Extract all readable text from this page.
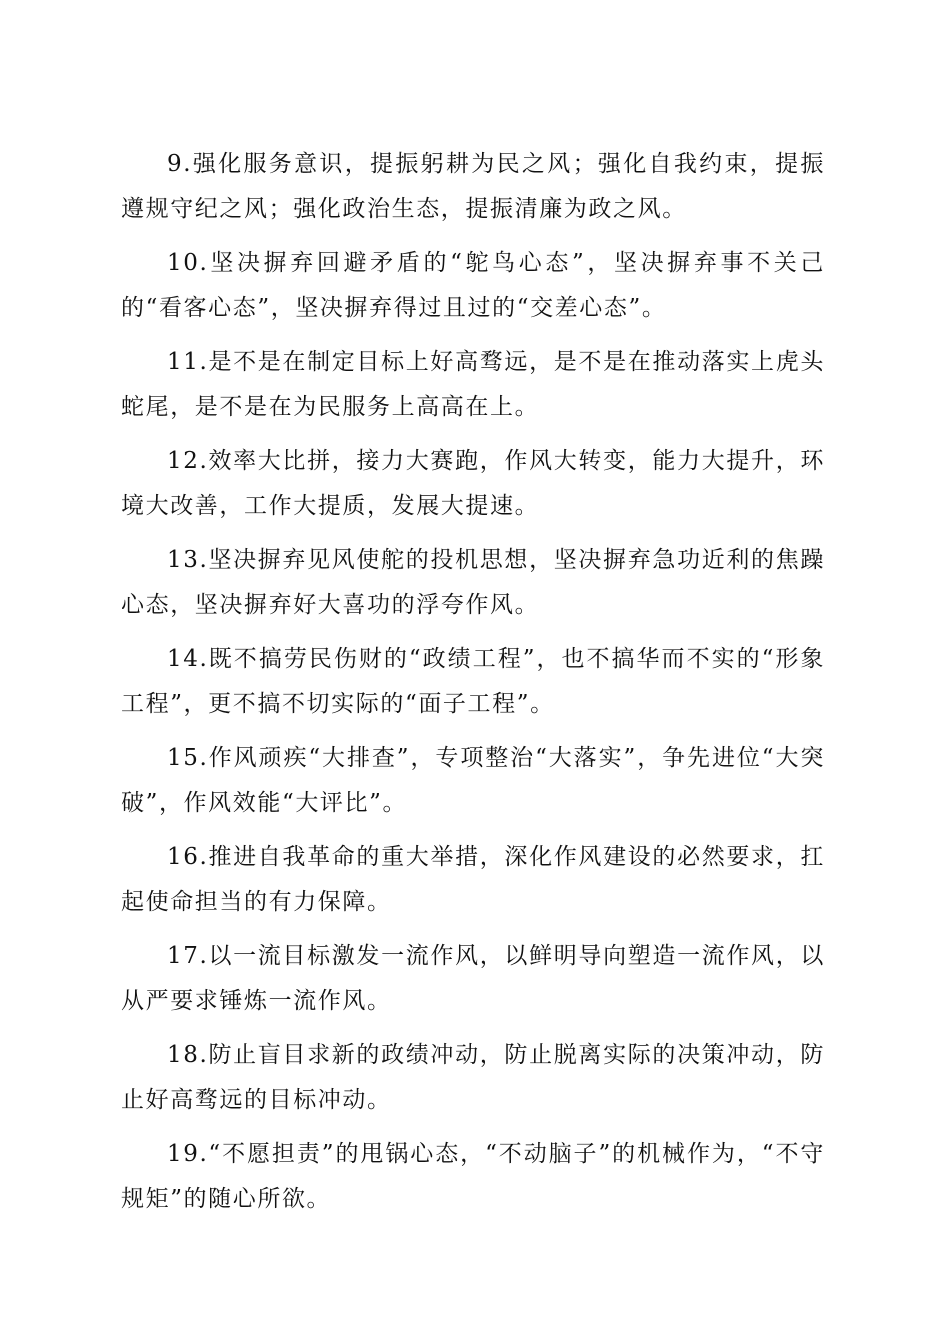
9.强化服务意识，提振躬耕为民之风；强化自我约束，提振遵规守纪之风；强化政治生态，提振清廉为政之风。

10.坚决摒弃回避矛盾的“鸵鸟心态”，坚决摒弃事不关己的“看客心态”，坚决摒弃得过且过的“交差心态”。

11.是不是在制定目标上好高骛远，是不是在推动落实上虎头蛇尾，是不是在为民服务上高高在上。

12.效率大比拼，接力大赛跑，作风大转变，能力大提升，环境大改善，工作大提质，发展大提速。

13.坚决摒弃见风使舵的投机思想，坚决摒弃急功近利的焦躁心态，坚决摒弃好大喜功的浮夸作风。

14.既不搞劳民伤财的“政绩工程”，也不搞华而不实的“形象工程”，更不搞不切实际的“面子工程”。

15.作风顽疾“大排查”，专项整治“大落实”，争先进位“大突破”，作风效能“大评比”。

16.推进自我革命的重大举措，深化作风建设的必然要求，扛起使命担当的有力保障。

17.以一流目标激发一流作风，以鲜明导向塑造一流作风，以从严要求锤炼一流作风。

18.防止盲目求新的政绩冲动，防止脱离实际的决策冲动，防止好高骛远的目标冲动。

19.“不愿担责”的甩锅心态，“不动脑子”的机械作为，“不守规矩”的随心所欲。
